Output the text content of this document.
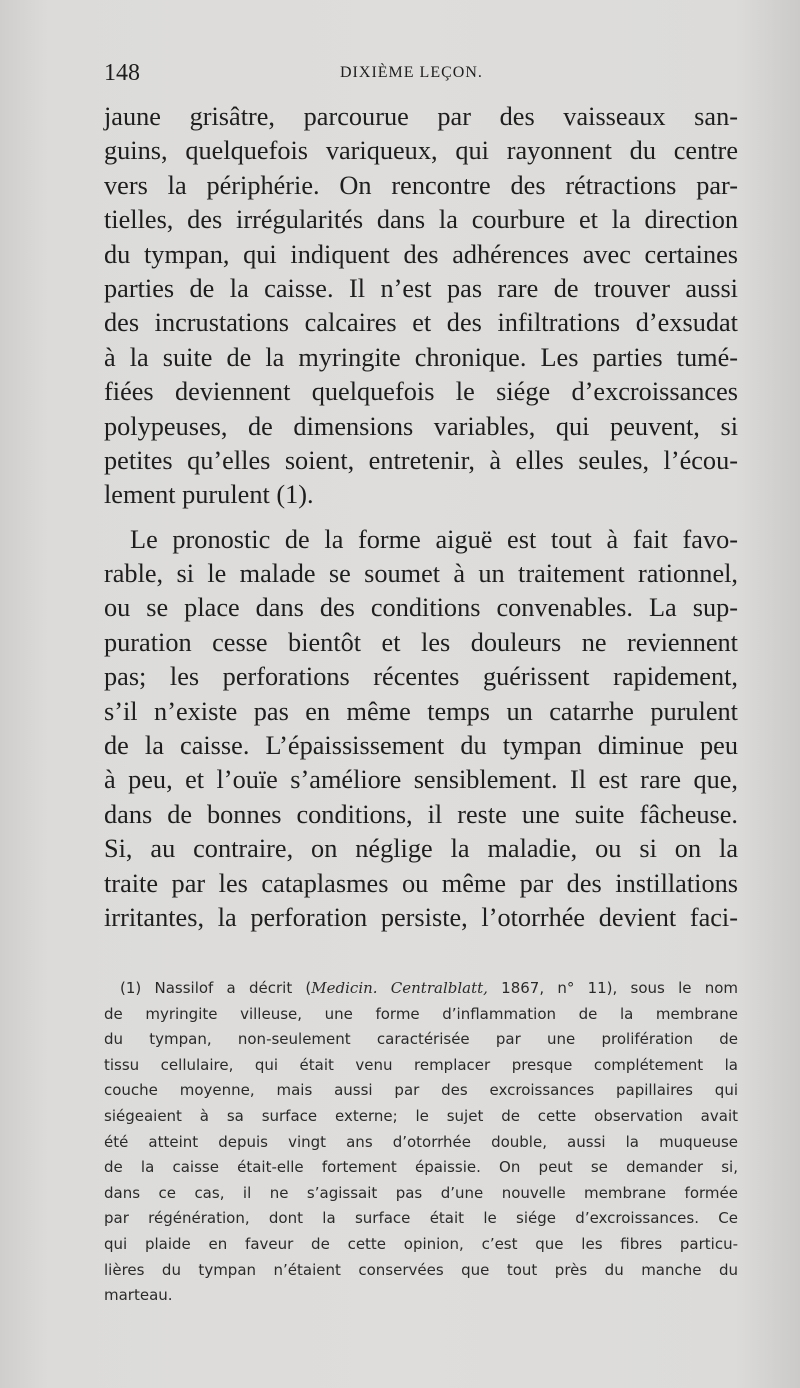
148	DIXIÈME LEÇON.
jaune grisâtre, parcourue par des vaisseaux san-
guins, quelquefois variqueux, qui rayonnent du centre
vers la périphérie. On rencontre des rétractions par-
tielles, des irrégularités dans la courbure et la direction
du tympan, qui indiquent des adhérences avec certaines
parties de la caisse. Il n’est pas rare de trouver aussi
des incrustations calcaires et des infiltrations d’exsudat
à la suite de la myringite chronique. Les parties tumé-
fiées deviennent quelquefois le siége d’excroissances
polypeuses, de dimensions variables, qui peuvent, si
petites qu’elles soient, entretenir, à elles seules, l’écou-
lement purulent (1).
Le pronostic de la forme aiguë est tout à fait favo-
rable, si le malade se soumet à un traitement rationnel,
ou se place dans des conditions convenables. La sup-
puration cesse bientôt et les douleurs ne reviennent
pas; les perforations récentes guérissent rapidement,
s’il n’existe pas en même temps un catarrhe purulent
de la caisse. L’épaississement du tympan diminue peu
à peu, et l’ouïe s’améliore sensiblement. Il est rare que,
dans de bonnes conditions, il reste une suite fâcheuse.
Si, au contraire, on néglige la maladie, ou si on la
traite par les cataplasmes ou même par des instillations
irritantes, la perforation persiste, l’otorrhée devient faci-
(1) Nassilof a décrit (Medicin. Centralblatt, 1867, n° 11), sous le nom
de myringite villeuse, une forme d’inflammation de la membrane
du tympan, non-seulement caractérisée par une prolifération de
tissu cellulaire, qui était venu remplacer presque complétement la
couche moyenne, mais aussi par des excroissances papillaires qui
siégeaient à sa surface externe; le sujet de cette observation avait
été atteint depuis vingt ans d’otorrhée double, aussi la muqueuse
de la caisse était-elle fortement épaissie. On peut se demander si,
dans ce cas, il ne s’agissait pas d’une nouvelle membrane formée
par régénération, dont la surface était le siége d’excroissances. Ce
qui plaide en faveur de cette opinion, c’est que les fibres particu-
lières du tympan n’étaient conservées que tout près du manche du
marteau.
